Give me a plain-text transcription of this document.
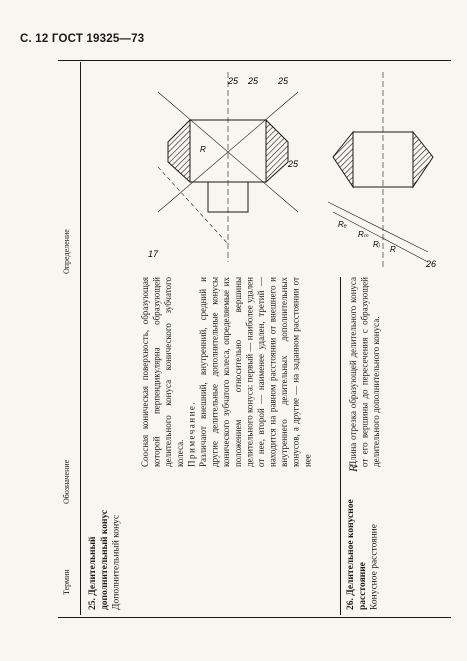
С. 12 ГОСТ 19325—73
Термин
Обозначение
Определение
25. Делительный дополнительный конус Дополнительный конус
Соосная коническая поверхность, образующая которой перпендикулярна образующей делительного конуса конического зубчатого колеса. Примечание. Различают внешний, внутренний, средний и другие делительные дополнительные конусы конического зубчатого колеса, определяемые их положением относительно вершины делительного конуса: первый — наиболее удален от нее, второй — наименее удален, третий — находится на равном расстоянии от внешнего и внутреннего делительных дополнительных конусов, а другие — на заданном расстоянии от нее
26. Делительное конусное расстояние Конусное расстояние
R
Длина отрезка образующей делительного конуса от его вершины до пересечения с образующей делительного дополнительного конуса.
25 25 25
25
17
R
26
Rₑ
Rₘ
Rᵢ
R
